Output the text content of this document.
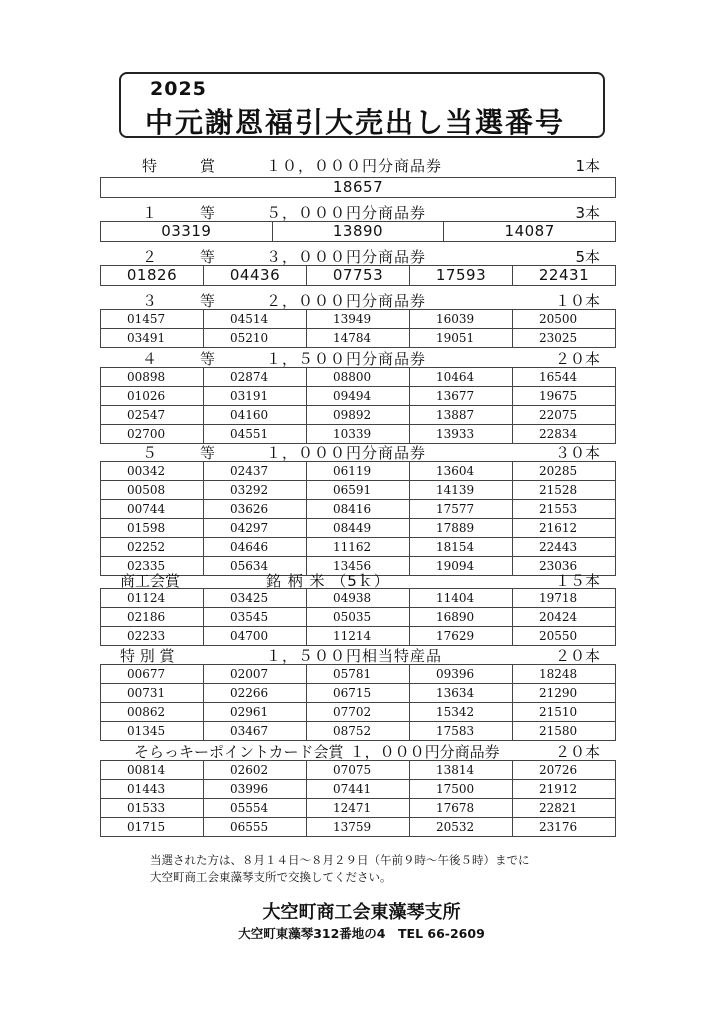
2025
中元謝恩福引大売出し当選番号
特　賞 １０，０００円分商品券	1本
18657
１　等 ５，０００円分商品券	3本
03319	13890	14087
２　等 ３，０００円分商品券	5本
01826	04436	07753	17593	22431
３　等 ２，０００円分商品券	１０本
01457	04514	13949	16039	20500
03491	05210	14784	19051	23025
４　等 １，５００円分商品券	２０本
00898	02874	08800	10464	16544
01026	03191	09494	13677	19675
02547	04160	09892	13887	22075
02700	04551	10339	13933	22834
５　等 １，０００円分商品券	３０本
00342	02437	06119	13604	20285
00508	03292	06591	14139	21528
00744	03626	08416	17577	21553
01598	04297	08449	17889	21612
02252	04646	11162	18154	22443
02335	05634	13456	19094	23036
商工会賞	銘 柄 米 （5ｋ）	１５本
01124	03425	04938	11404	19718
02186	03545	05035	16890	20424
02233	04700	11214	17629	20550
特 別 賞	１，５００円相当特産品	２０本
00677	02007	05781	09396	18248
00731	02266	06715	13634	21290
00862	02961	07702	15342	21510
01345	03467	08752	17583	21580
そらっキーポイントカード会賞 １，０００円分商品券	２０本
00814	02602	07075	13814	20726
01443	03996	07441	17500	21912
01533	05554	12471	17678	22821
01715	06555	13759	20532	23176
当選された方は、８月１４日～８月２９日（午前９時～午後５時）までに
大空町商工会東藻琴支所で交換してください。
大空町商工会東藻琴支所
大空町東藻琴312番地の4　TEL 66-2609
